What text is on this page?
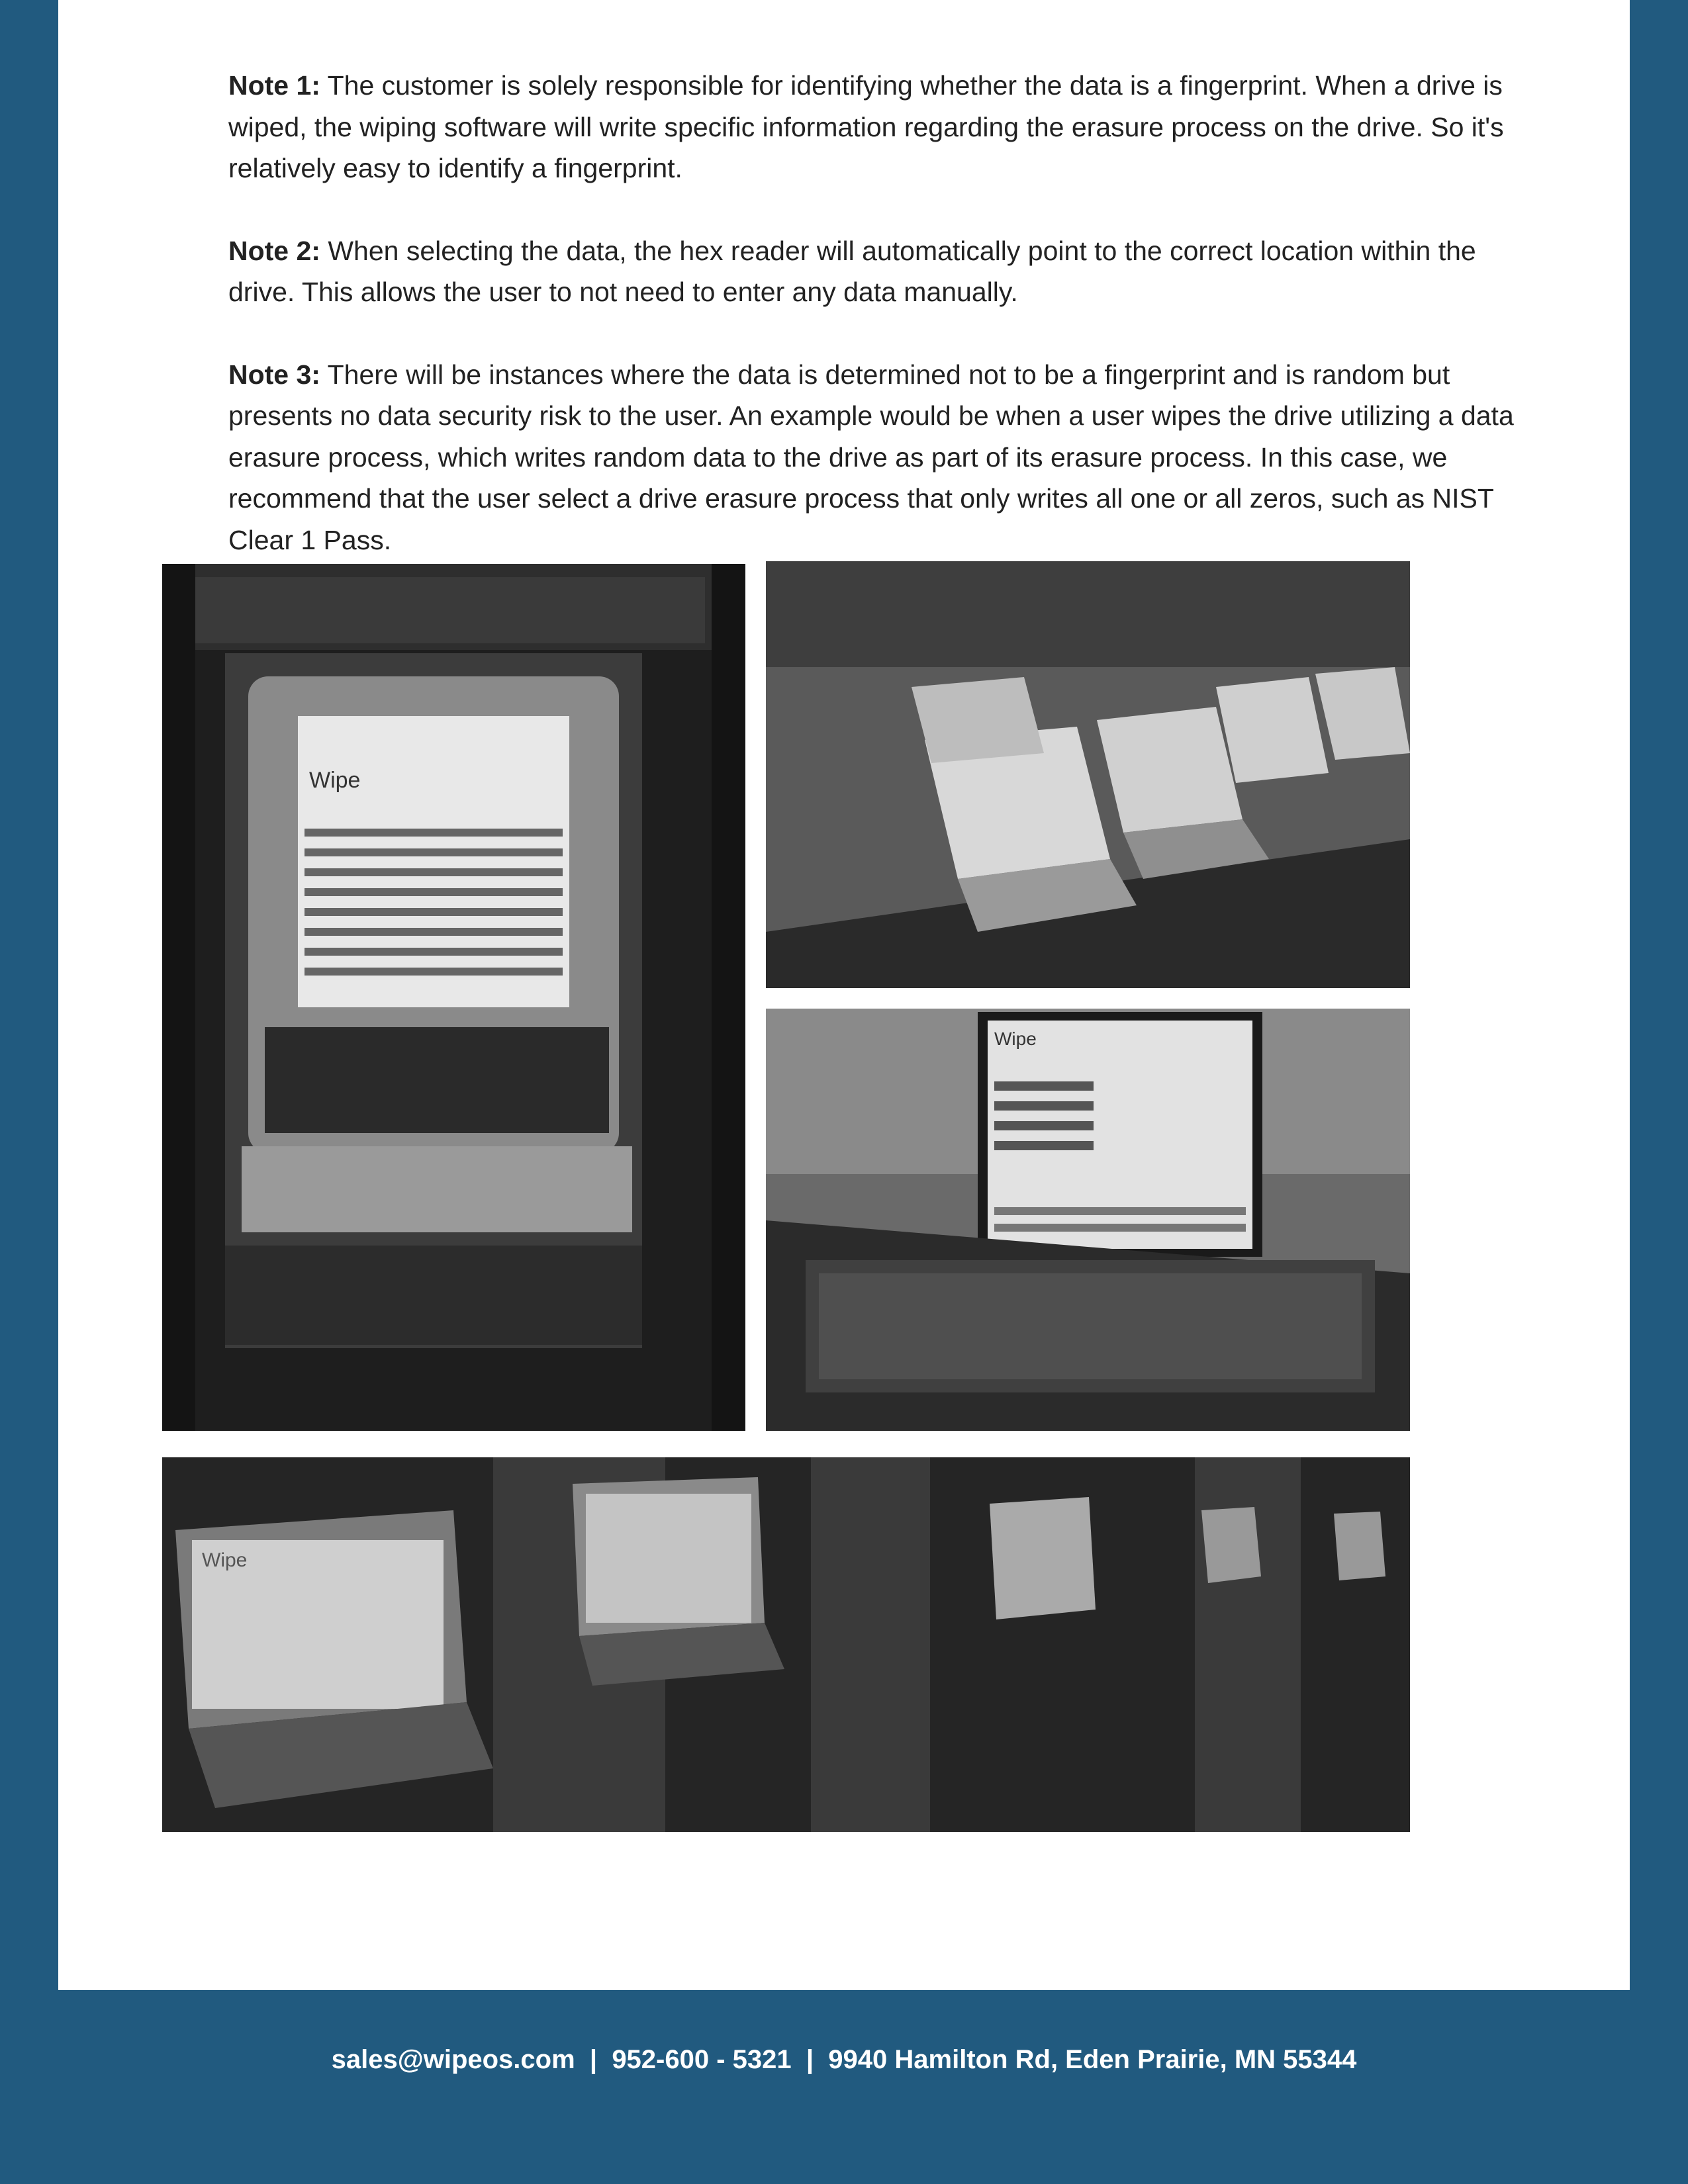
Note 1: The customer is solely responsible for identifying whether the data is a fingerprint. When a drive is wiped, the wiping software will write specific information regarding the erasure process on the drive. So it's relatively easy to identify a fingerprint.

Note 2: When selecting the data, the hex reader will automatically point to the correct location within the drive. This allows the user to not need to enter any data manually.

Note 3: There will be instances where the data is determined not to be a fingerprint and is random but presents no data security risk to the user. An example would be when a user wipes the drive utilizing a data erasure process, which writes random data to the drive as part of its erasure process. In this case, we recommend that the user select a drive erasure process that only writes all one or all zeros, such as NIST Clear 1 Pass.

Wipe
Wipe
Wipe
sales@wipeos.com  |  952-600 - 5321  |  9940 Hamilton Rd, Eden Prairie, MN 55344
